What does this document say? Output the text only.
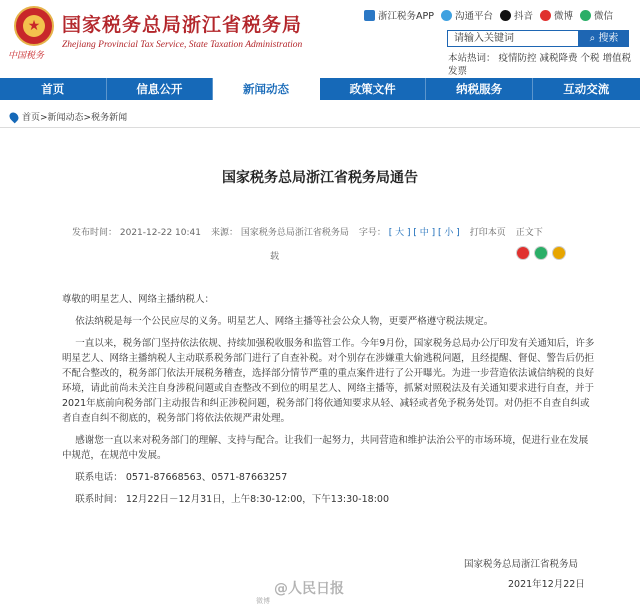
★
中国税务
国家税务总局浙江省税务局
Zhejiang Provincial Tax Service, State Taxation Administration
浙江税务APP 沟通平台 抖音 微博 微信
请输入关键词	⌕ 搜索
本站热词： 疫情防控 减税降费 个税 增值税 发票
首页	信息公开	新闻动态	政策文件	纳税服务	互动交流
首页>新闻动态>税务新闻
国家税务总局浙江省税务局通告
发布时间： 2021-12-22 10:41 来源： 国家税务总局浙江省税务局 字号： [ 大 ] [ 中 ] [ 小 ] 打印本页 正文下
载

尊敬的明星艺人、网络主播纳税人：

依法纳税是每一个公民应尽的义务。明星艺人、网络主播等社会公众人物，更要严格遵守税法规定。

一直以来，税务部门坚持依法依规、持续加强税收服务和监管工作。今年9月份，国家税务总局办公厅印发有关通知后，许多明星艺人、网络主播纳税人主动联系税务部门进行了自查补税。对个别存在涉嫌重大偷逃税问题，且经提醒、督促、警告后仍拒不配合整改的，税务部门依法开展税务稽查，选择部分情节严重的重点案件进行了公开曝光。为进一步营造依法诚信纳税的良好环境，请此前尚未关注自身涉税问题或自查整改不到位的明星艺人、网络主播等，抓紧对照税法及有关通知要求进行自查，并于2021年底前向税务部门主动报告和纠正涉税问题，税务部门将依通知要求从轻、减轻或者免予税务处罚。对仍拒不自查自纠或者自查自纠不彻底的，税务部门将依法依规严肃处理。

感谢您一直以来对税务部门的理解、支持与配合。让我们一起努力，共同营造和维护法治公平的市场环境，促进行业在发展中规范，在规范中发展。

联系电话： 0571-87668563、0571-87663257

联系时间： 12月22日－12月31日，上午8:30-12:00，下午13:30-18:00

国家税务总局浙江省税务局
2021年12月22日
@人民日报
微博
